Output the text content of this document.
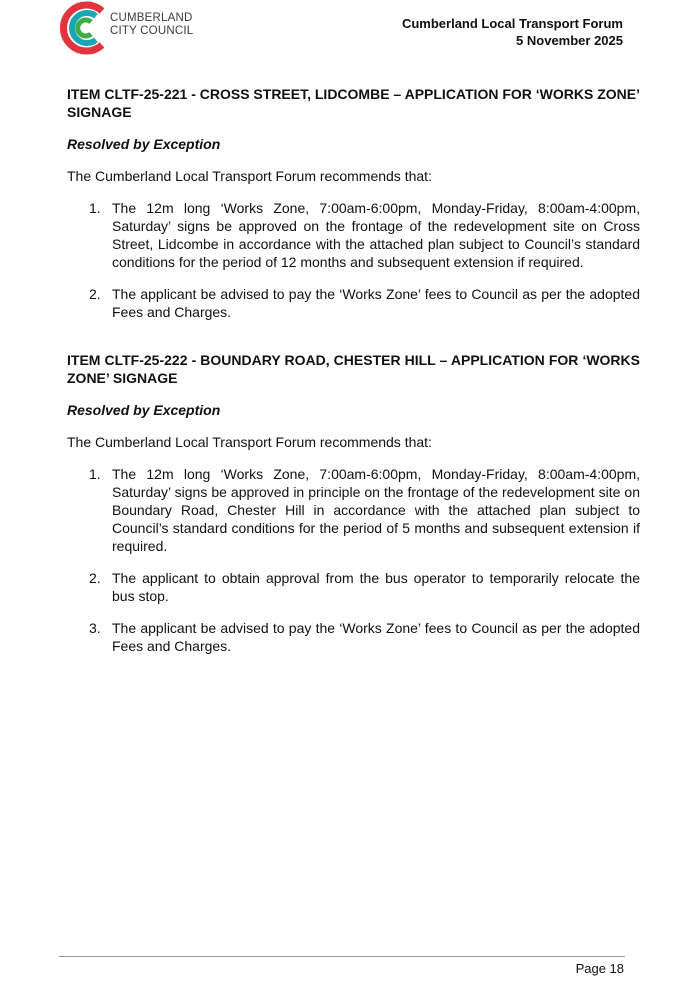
CUMBERLAND
CITY COUNCIL	Cumberland Local Transport Forum
5 November 2025

ITEM CLTF-25-221 - CROSS STREET, LIDCOMBE – APPLICATION FOR ‘WORKS ZONE’ SIGNAGE

Resolved by Exception

The Cumberland Local Transport Forum recommends that:

1. The 12m long ‘Works Zone, 7:00am-6:00pm, Monday-Friday, 8:00am-4:00pm, Saturday’ signs be approved on the frontage of the redevelopment site on Cross Street, Lidcombe in accordance with the attached plan subject to Council’s standard conditions for the period of 12 months and subsequent extension if required.
2. The applicant be advised to pay the ‘Works Zone’ fees to Council as per the adopted Fees and Charges.

ITEM CLTF-25-222 - BOUNDARY ROAD, CHESTER HILL – APPLICATION FOR ‘WORKS ZONE’ SIGNAGE

Resolved by Exception

The Cumberland Local Transport Forum recommends that:

1. The 12m long ‘Works Zone, 7:00am-6:00pm, Monday-Friday, 8:00am-4:00pm, Saturday’ signs be approved in principle on the frontage of the redevelopment site on Boundary Road, Chester Hill in accordance with the attached plan subject to Council’s standard conditions for the period of 5 months and subsequent extension if required.
2. The applicant to obtain approval from the bus operator to temporarily relocate the bus stop.
3. The applicant be advised to pay the ‘Works Zone’ fees to Council as per the adopted Fees and Charges.
Page 18
